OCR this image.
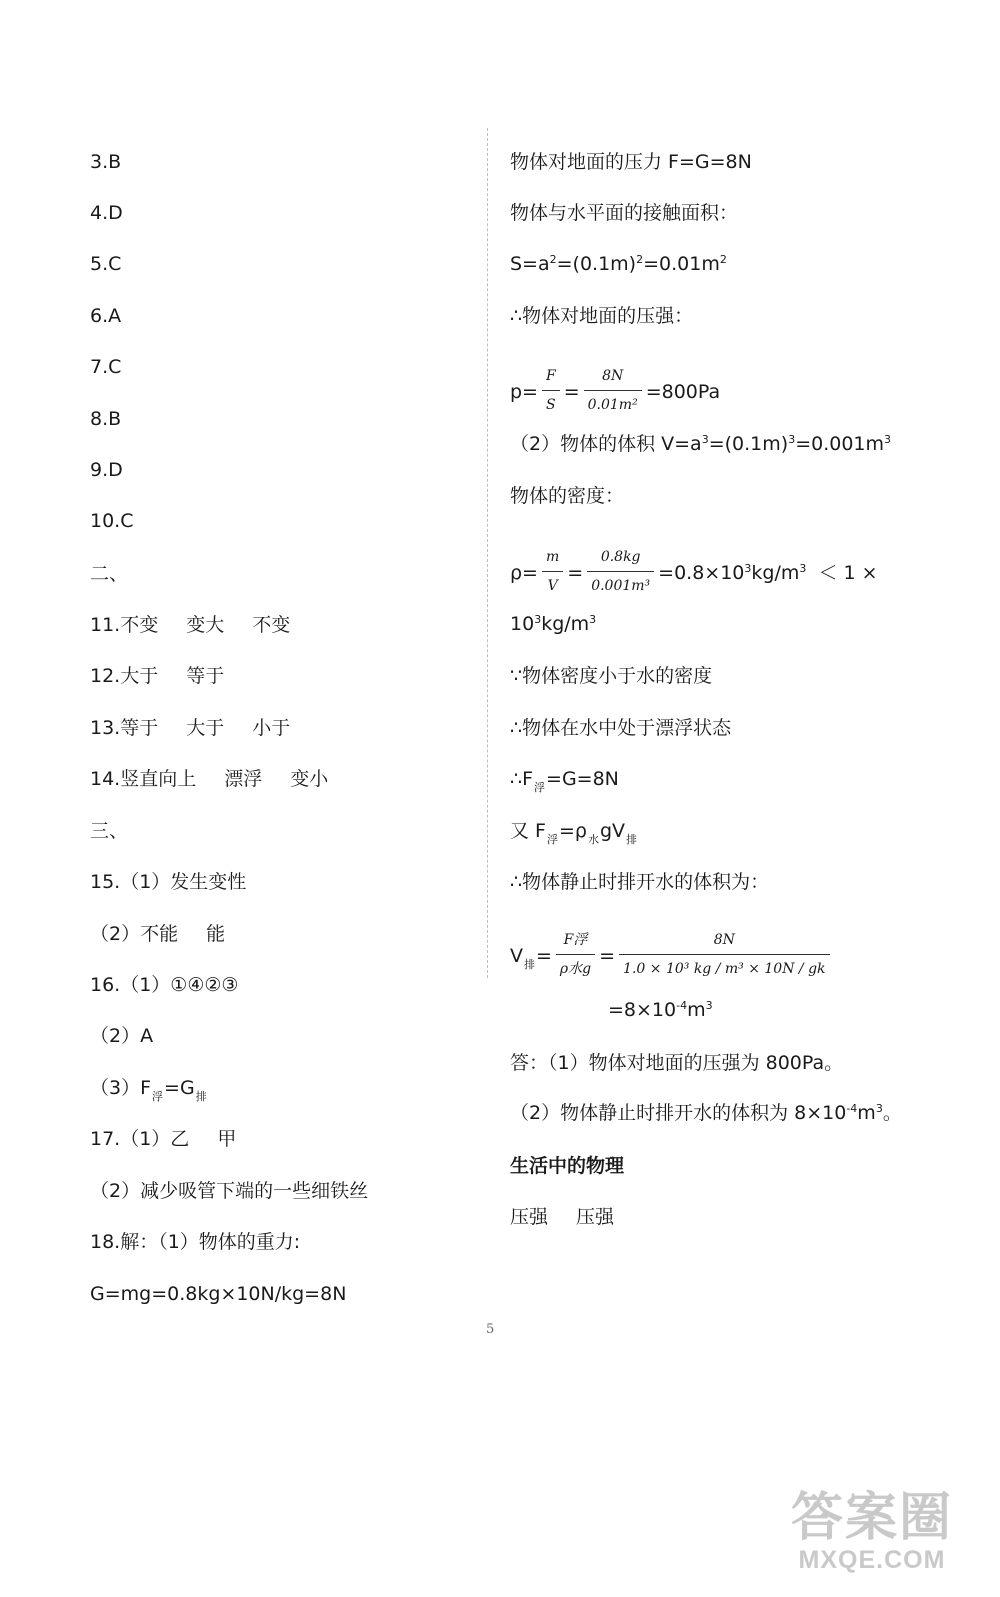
3.B
4.D
5.C
6.A
7.C
8.B
9.D
10.C
二、
11.不变 变大 不变
12.大于 等于
13.等于 大于 小于
14.竖直向上 漂浮 变小
三、
15.（1）发生变性
（2）不能 能
16.（1）①④②③
（2）A
$(3)F_浮=G_排$
17.（1）乙 甲
（2）减少吸管下端的一些细铁丝
18.解：（1）物体的重力:
G=mg=0.8kg×10N/kg=8N
物体对地面的压力 F=G=8N
物体与水平面的接触面积：
$S=a^2=(0.1m)^2=0.01m^2$
∴物体对地面的压强：
$p= \frac{F}{S} = \frac{8N}{\text{0.01m²}} =800Pa$
（2）物体的体积 $V=a^3=(0.1m)^3=0.001m^3$
物体的密度：
$\rho= \frac{m}{V} = \frac{0.8kg}{\text{0.001m³}} =0.8\times 10^3kg/m^3 < 1$ ×
$10^3kg/m^3$
∵物体密度小于水的密度
∴物体在水中处于漂浮状态
$\therefore F_浮=G=8N$
又 $F_浮=\rho_水gV_排$
∴物体静止时排开水的体积为：
$V_排= \frac{\text{F浮}}{\text{ρ水g}} = \frac{8N}{\text{1.0 × 10³ kg / m³ × 10N / gk}}$
$=8\times 10^{-4}m^3$
答：（1）物体对地面的压强为 800Pa。
（2）物体静止时排开水的体积为 $8\times 10^{-4}m^3$。
生活中的物理
压强 压强
5
答案圈
MXQE.COM
